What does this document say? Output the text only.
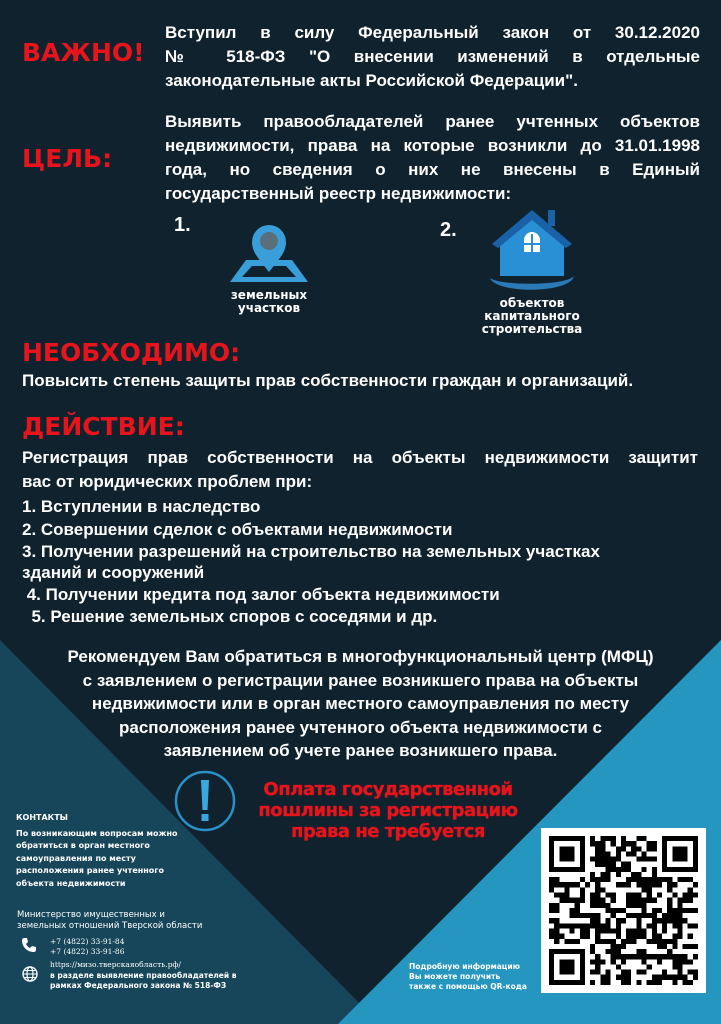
ВАЖНО!
Вступил в силу Федеральный закон от 30.12.2020
№ 518-ФЗ "О внесении изменений в отдельные
законодательные акты Российской Федерации".
ЦЕЛЬ:
Выявить правообладателей ранее учтенных объектов
недвижимости, права на которые возникли до 31.01.1998
года, но сведения о них не внесены в Единый
государственный реестр недвижимости:
1.
земельных
участков
2.
объектов
капитального
строительства
НЕОБХОДИМО:
Повысить степень защиты прав собственности граждан и организаций.
ДЕЙСТВИЕ:
Регистрация прав собственности на объекты недвижимости защитит
вас от юридических проблем при:
1. Вступлении в наследство
2. Совершении сделок с объектами недвижимости
3. Получении разрешений на строительство на земельных участках
зданий и сооружений
4. Получении кредита под залог объекта недвижимости
5. Решение земельных споров с соседями и др.
Рекомендуем Вам обратиться в многофункциональный центр (МФЦ)
с заявлением о регистрации ранее возникшего права на объекты
недвижимости или в орган местного самоуправления по месту
расположения ранее учтенного объекта недвижимости с
заявлением об учете ранее возникшего права.
Оплата государственной
пошлины за регистрацию
права не требуется
КОНТАКТЫ
По возникающим вопросам можно
обратиться в орган местного
самоуправления по месту
расположения ранее учтенного
объекта недвижимости
Министерство имущественных и
земельных отношений Тверской области
+7 (4822) 33-91-84
+7 (4822) 33-91-86
https://мизо.тверскаяобласть.рф/
в разделе выявление правообладателей в
рамках Федерального закона № 518-ФЗ
Подробную информацию
Вы можете получить
также с помощью QR-кода
